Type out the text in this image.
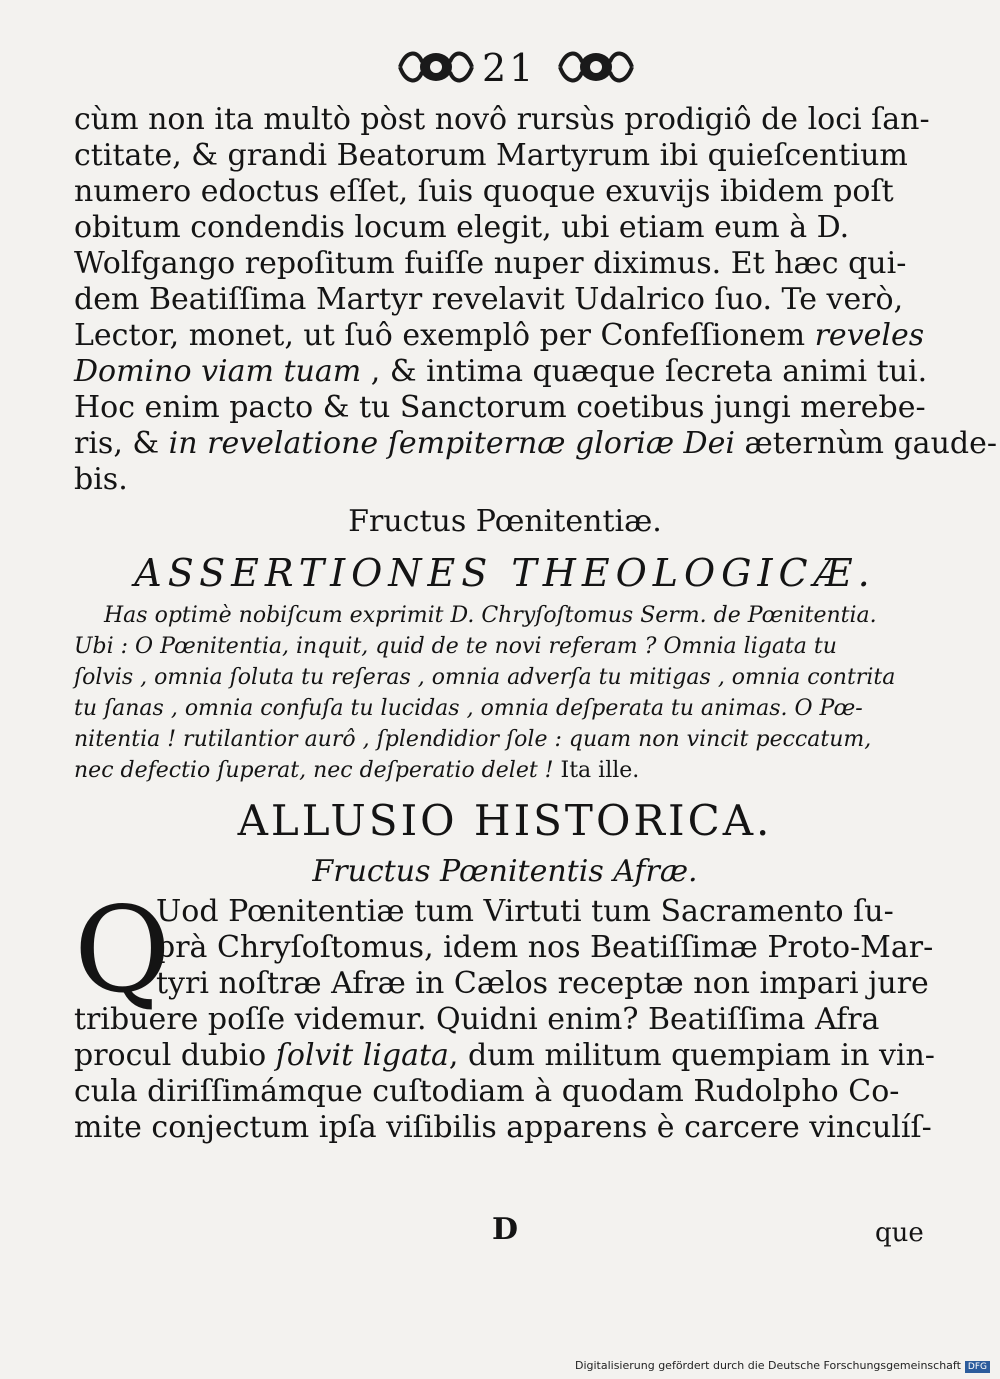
21
cùm non ita multò pòst novô rursùs prodigiô de loci ſan-
ctitate, & grandi Beatorum Martyrum ibi quieſcentium
numero edoctus eſſet, ſuis quoque exuvijs ibidem poſt
obitum condendis locum elegit, ubi etiam eum à D.
Wolfgango repoſitum fuiſſe nuper diximus. Et hæc qui-
dem Beatiſſima Martyr revelavit Udalrico ſuo. Te verò,
Lector, monet, ut ſuô exemplô per Confeſſionem reveles
Domino viam tuam , & intima quæque ſecreta animi tui.
Hoc enim pacto & tu Sanctorum coetibus jungi merebe-
ris, & in revelatione ſempiternæ gloriæ Dei æternùm gaude-
bis.

Fructus Pœnitentiæ.

ASSERTIONES THEOLOGICÆ.

Has optimè nobiſcum exprimit D. Chryſoſtomus Serm. de Pœnitentia.
Ubi : O Pœnitentia, inquit, quid de te novi referam ? Omnia ligata tu
ſolvis , omnia ſoluta tu reſeras , omnia adverſa tu mitigas , omnia contrita
tu ſanas , omnia confuſa tu lucidas , omnia deſperata tu animas. O Pœ-
nitentia ! rutilantior aurô , ſplendidior ſole : quam non vincit peccatum,
nec defectio ſuperat, nec deſperatio delet ! Ita ille.

ALLUSIO HISTORICA.

Fructus Pœnitentis Afræ.

Q
Uod Pœnitentiæ tum Virtuti tum Sacramento ſu-
prà Chryſoſtomus, idem nos Beatiſſimæ Proto-Mar-
tyri noſtræ Afræ in Cælos receptæ non impari jure
tribuere poſſe videmur. Quidni enim? Beatiſſima Afra
procul dubio ſolvit ligata, dum militum quempiam in vin-
cula diriſſimámque cuſtodiam à quodam Rudolpho Co-
mite conjectum ipſa viſibilis apparens è carcere vinculíſ-
D	que
Digitalisierung gefördert durch die Deutsche Forschungsgemeinschaft DFG
